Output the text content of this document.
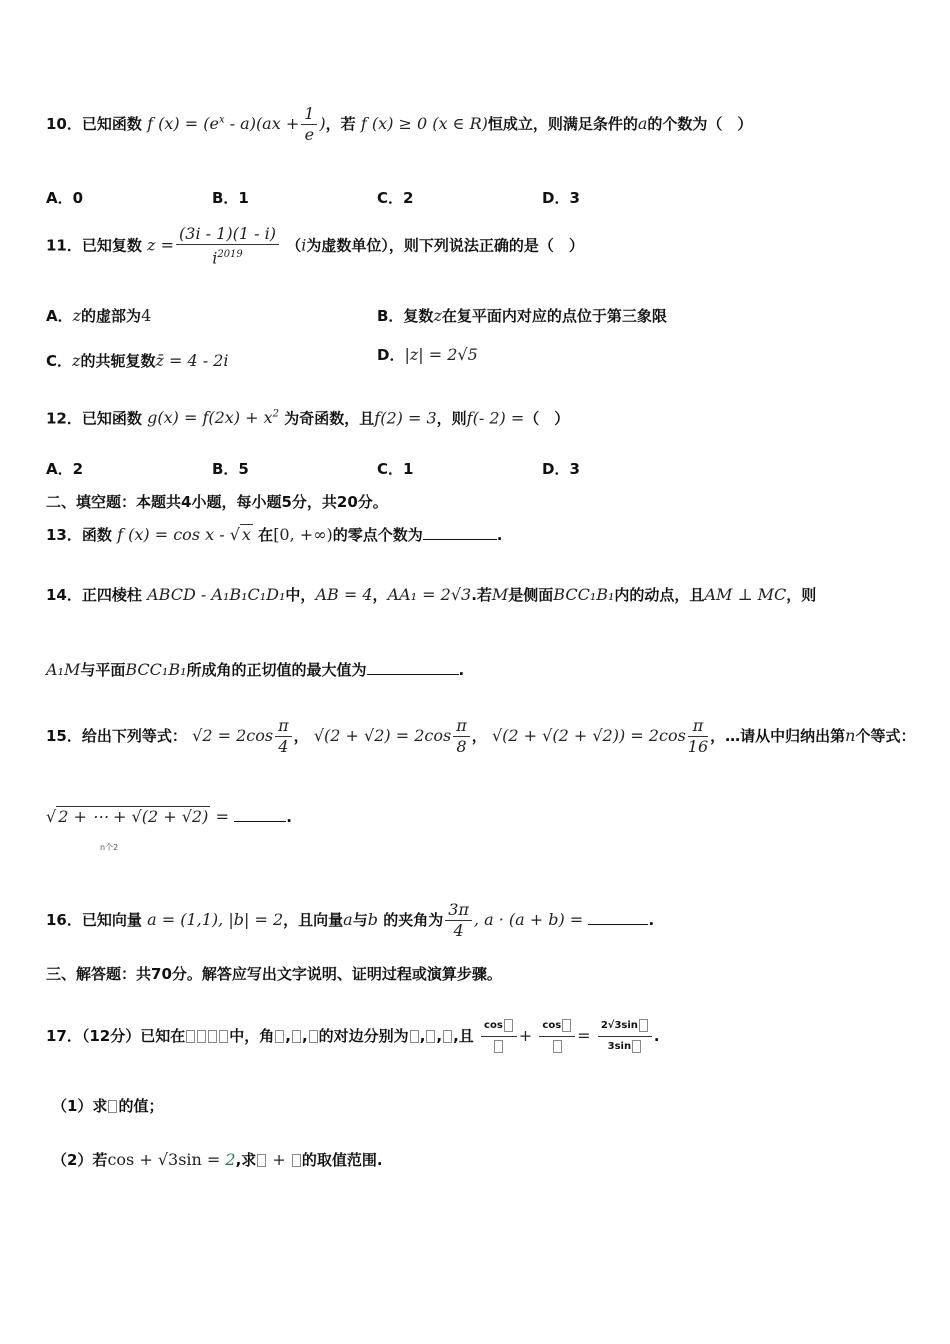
10．已知函数 f $(x) = (e^x - a)(ax + \frac{1}{e}$ )，若 f (x) ≥ 0 (x ∈ R)恒成立，则满足条件的a的个数为（　）
A．0	B．1	C．2	D．3
11．已知复数 $z = \frac{(3i - 1)(1 - i)}{i^{2019}} (i$为虚数单位），则下列说法正确的是（　）
A．z的虚部为4	B．复数z在复平面内对应的点位于第三象限
C．z的共轭复数z̄ = 4 - 2i	D．|z| = 2√5
12．已知函数 $g(x) = f(2x) + x^2$ 为奇函数，且f(2) = 3，则f(- 2) =（　）
A．2	B．5	C．1	D．3
二、填空题：本题共4小题，每小题5分，共20分。
13．函数 f (x) = cos x - √ x 在[0, +∞)的零点个数为	.
14．正四棱柱 ABCD - A₁B₁C₁D₁中，AB = 4，AA₁ = 2√3.若M是侧面BCC₁B₁内的动点，且AM ⊥ MC，则
A₁M与平面BCC₁B₁所成角的正切值的最大值为	.
15．给出下列等式： $√2 = 2\cos \frac{\pi}{4}$ ， $√(2 + √2) = 2\cos \frac{\pi}{8}$ ， $√(2 + √(2 + √2)) = 2\cos \frac{\pi}{16}$ ，…请从中归纳出第n个等式：
√ 2 + ⋯ + √(2 + √2) =	.
n个2
16．已知向量 a = (1,1), |b| = 2，且向量a与b 的夹角为 $\frac{3\pi}{4}$ , a · (a + b) =	.
三、解答题：共70分。解答应写出文字说明、证明过程或演算步骤。
17．（12分）已知在	中，角 , , 的对边分别为 , , ,且
cos
+
cos
= $\frac{2√3\sin}{3\sin}$ .
（1）求 的值；
（2）若cos + √3sin = 2,求 + 的取值范围.
